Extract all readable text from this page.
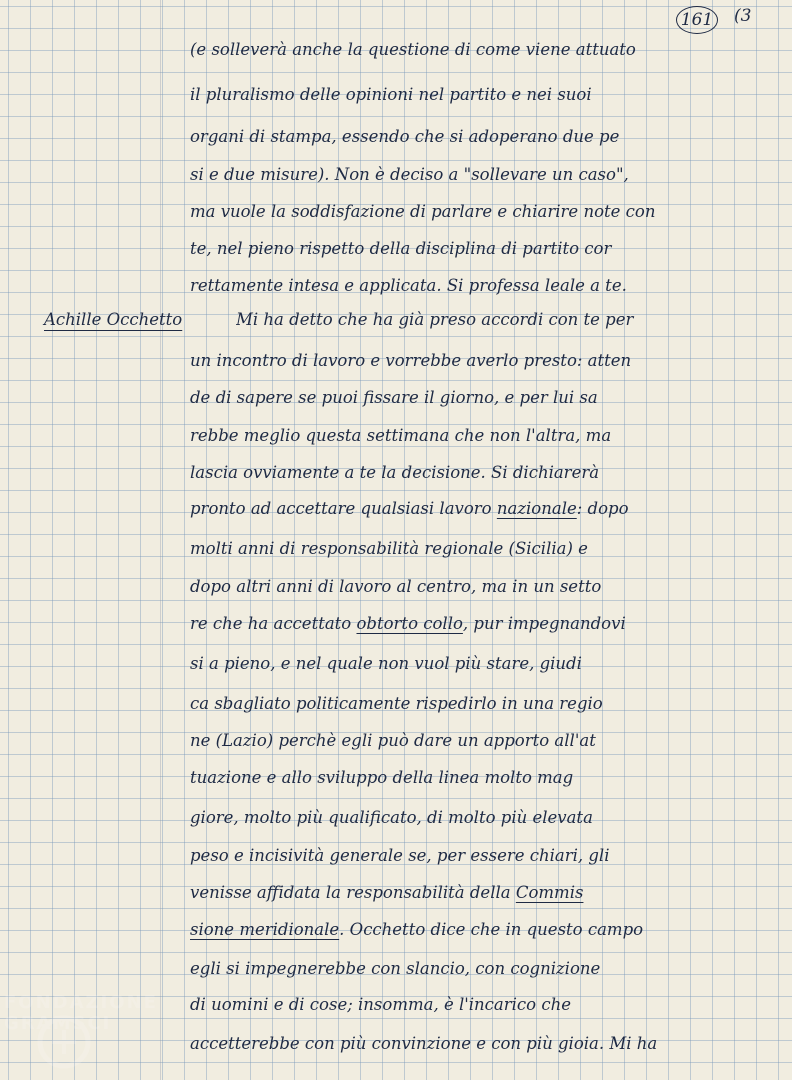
161 (3
(e solleverà anche la questione di come viene attuato
il pluralismo delle opinioni nel partito e nei suoi
organi di stampa, essendo che si adoperano due pe
si e due misure). Non è deciso a "sollevare un caso",
ma vuole la soddisfazione di parlare e chiarire note con
te, nel pieno rispetto della disciplina di partito cor
rettamente intesa e applicata. Si professa leale a te.
Achille Occhetto	Mi ha detto che ha già preso accordi con te per
un incontro di lavoro e vorrebbe averlo presto: atten
de di sapere se puoi fissare il giorno, e per lui sa
rebbe meglio questa settimana che non l'altra, ma
lascia ovviamente a te la decisione. Si dichiarerà
pronto ad accettare qualsiasi lavoro nazionale: dopo
molti anni di responsabilità regionale (Sicilia) e
dopo altri anni di lavoro al centro, ma in un setto
re che ha accettato obtorto collo, pur impegnandovi
si a pieno, e nel quale non vuol più stare, giudi
ca sbagliato politicamente rispedirlo in una regio
ne (Lazio) perchè egli può dare un apporto all'at
tuazione e allo sviluppo della linea molto mag
giore, molto più qualificato, di molto più elevata
peso e incisività generale se, per essere chiari, gli
venisse affidata la responsabilità della Commis
sione meridionale. Occhetto dice che in questo campo
egli si impegnerebbe con slancio, con cognizione
di uomini e di cose; insomma, è l'incarico che
accetterebbe con più convinzione e con più gioia. Mi ha
FONDAZIONE GRAMSCI
